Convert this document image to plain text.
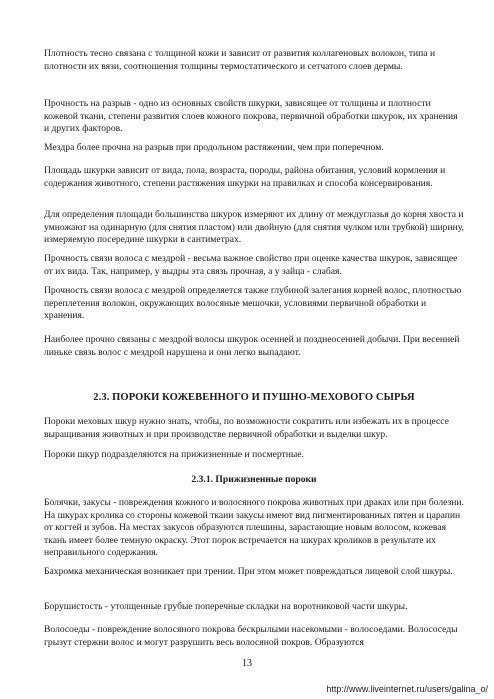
Плотность тесно связана с толщиной кожи и зависит от развития коллагеновых волокон, типа и плотности их вязи, соотношения толщины термостатического и сетчатого слоев дермы.

Прочность на разрыв - одно из основных свойств шкурки, зависящее от толщины и плотности кожевой ткани, степени развития слоев кожного покрова, первичной обработки шкурок, их хранения и других факторов.

Мездра более прочна на разрыв при продольном растяжении, чем при поперечном.

Площадь шкурки зависит от вида, пола, возраста, породы, района обитания, условий кормления и содержания животного, степени растяжения шкурки на правилках и способа консервирования.

Для определения площади большинства шкурок измеряют их длину от междуглазья до корня хвоста и умножают на одинарную (для снятия пластом) или двойную (для снятия чулком или трубкой) ширину, измеряемую посередине шкурки в сантиметрах.

Прочность связи волоса с мездрой - весьма важное свойство при оценке качества шкурок, зависящее от их вида. Так, например, у выдры эта связь прочная, а у зайца - слабая.

Прочность связи волоса с мездрой определяется также глубиной залегания корней волос, плотностью переплетения волокон, окружающих волосяные мешочки, условиями первичной обработки и хранения.

Наиболее прочно связаны с мездрой волосы шкурок осенней и позднеосенней добычи. При весенней линьке связь волос с мездрой нарушена и они легко выпадают.

2.3. ПОРОКИ КОЖЕВЕННОГО И ПУШНО-МЕХОВОГО СЫРЬЯ

Пороки меховых шкур нужно знать, чтобы, по возможности сократить или избежать их в процессе выращивания животных и при производстве первичной обработки и выделки шкур.

Пороки шкур подразделяются на прижизненные и посмертные.

2.3.1. Прижизненные пороки

Болячки, закусы - повреждения кожного и волосяного покрова животных при драках или при болезни. На шкурах кролика со стороны кожевой ткани закусы имеют вид пигментированных пятен и царапин от когтей и зубов. На местах закусов образуются плешины, зарастающие новым волосом, кожевая ткань имеет более темную окраску. Этот порок встречается на шкурах кроликов в результате их неправильного содержания.

Бахромка механическая возникает при трении. При этом может повреждаться лицевой слой шкуры.

Борушистость - утолщенные грубые поперечные складки на воротниковой части шкуры.

Волосоеды - повреждение волосяного покрова бескрылыми насекомыми - волосоедами. Волососеды грызут стержни волос и могут разрушить весь волосяной покров. Образуются

13
http://www.liveinternet.ru/users/galina_o/
